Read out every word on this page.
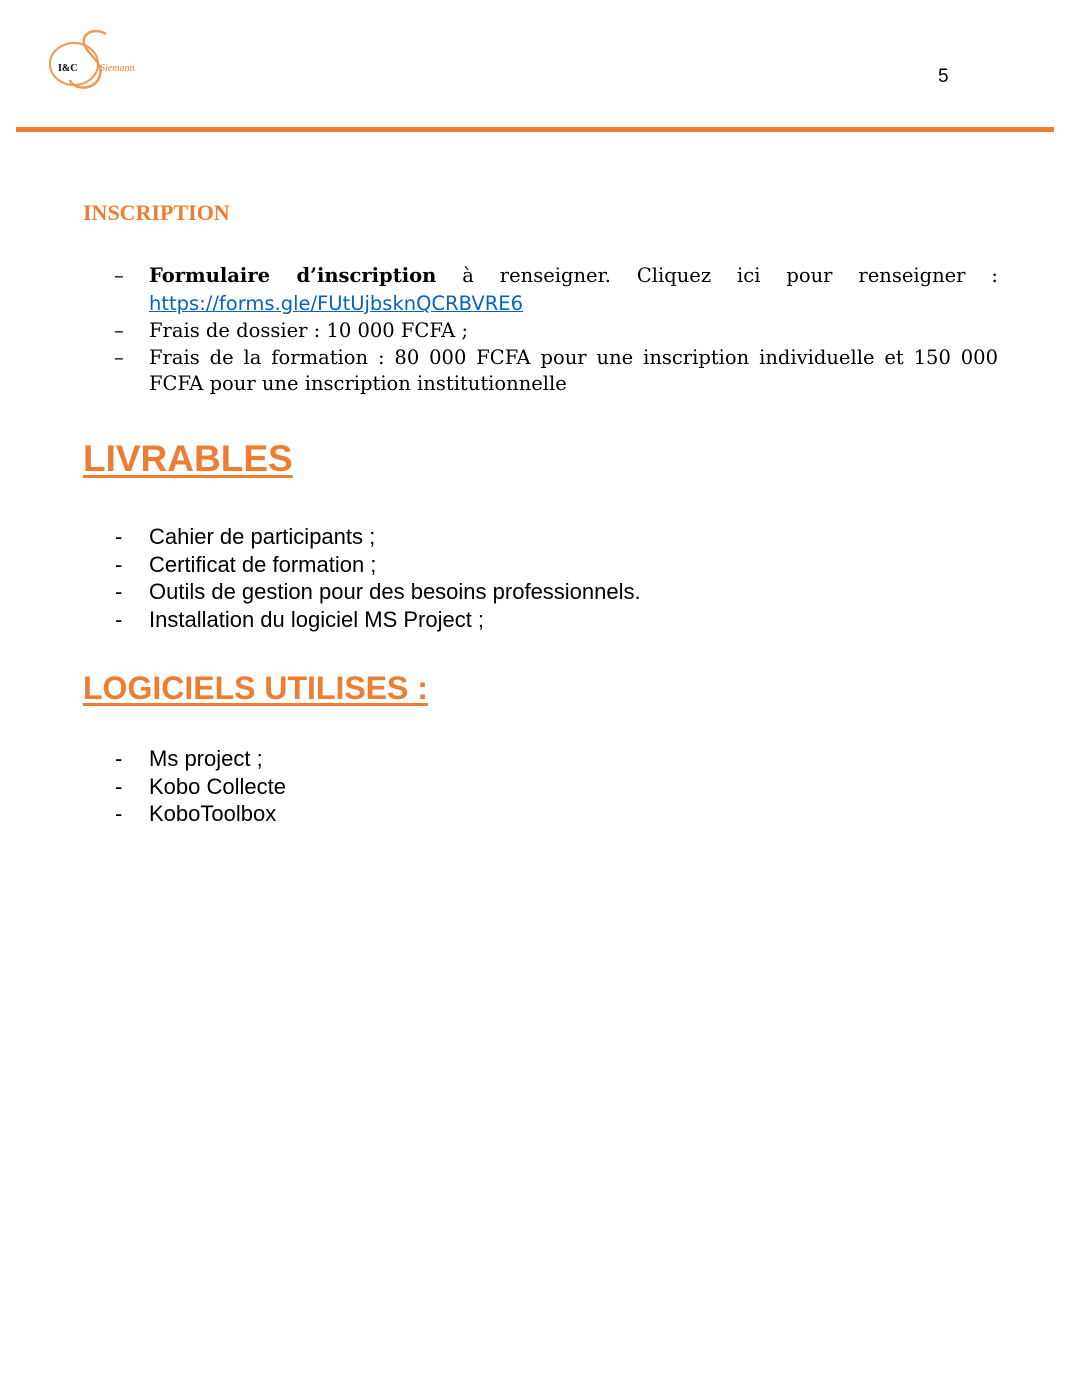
I&C Siemann	5
INSCRIPTION
– Formulaire d’inscription à renseigner. Cliquez ici pour renseigner :
https://forms.gle/FUtUjbsknQCRBVRE6
– Frais de dossier : 10 000 FCFA ;
– Frais de la formation : 80 000 FCFA pour une inscription individuelle et 150 000
FCFA pour une inscription institutionnelle
LIVRABLES
- Cahier de participants ;
- Certificat de formation ;
- Outils de gestion pour des besoins professionnels.
- Installation du logiciel MS Project ;
LOGICIELS UTILISES :
- Ms project ;
- Kobo Collecte
- KoboToolbox
